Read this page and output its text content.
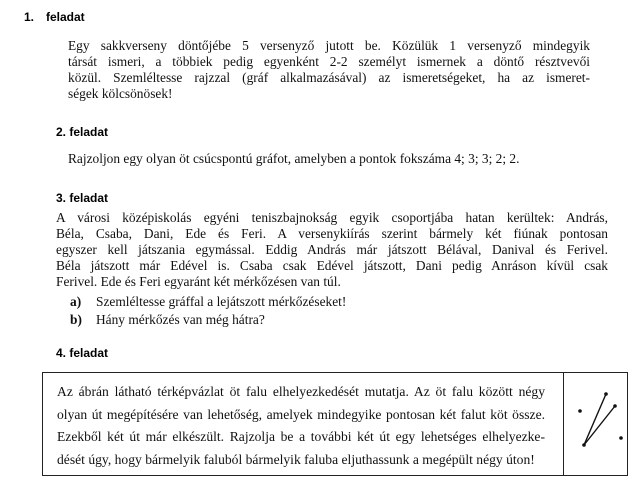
1. feladat
Egy sakkverseny döntőjébe 5 versenyző jutott be. Közülük 1 versenyző mindegyik
társát ismeri, a többiek pedig egyenként 2-2 személyt ismernek a döntő résztvevői
közül. Szemléltesse rajzzal (gráf alkalmazásával) az ismeretségeket, ha az ismeret-
ségek kölcsönösek!
2. feladat
Rajzoljon egy olyan öt csúcspontú gráfot, amelyben a pontok fokszáma 4; 3; 3; 2; 2.
3. feladat
A városi középiskolás egyéni teniszbajnokság egyik csoportjába hatan kerültek: András,
Béla, Csaba, Dani, Ede és Feri. A versenykiírás szerint bármely két fiúnak pontosan
egyszer kell játszania egymással. Eddig András már játszott Bélával, Danival és Ferivel.
Béla játszott már Edével is. Csaba csak Edével játszott, Dani pedig Anráson kívül csak
Ferivel. Ede és Feri egyaránt két mérkőzésen van túl.
a) Szemléltesse gráffal a lejátszott mérkőzéseket!
b) Hány mérkőzés van még hátra?
4. feladat
Az ábrán látható térképvázlat öt falu elhelyezkedését mutatja. Az öt falu között négy
olyan út megépítésére van lehetőség, amelyek mindegyike pontosan két falut köt össze.
Ezekből két út már elkészült. Rajzolja be a további két út egy lehetséges elhelyezke-
dését úgy, hogy bármelyik faluból bármelyik faluba eljuthassunk a megépült négy úton!
